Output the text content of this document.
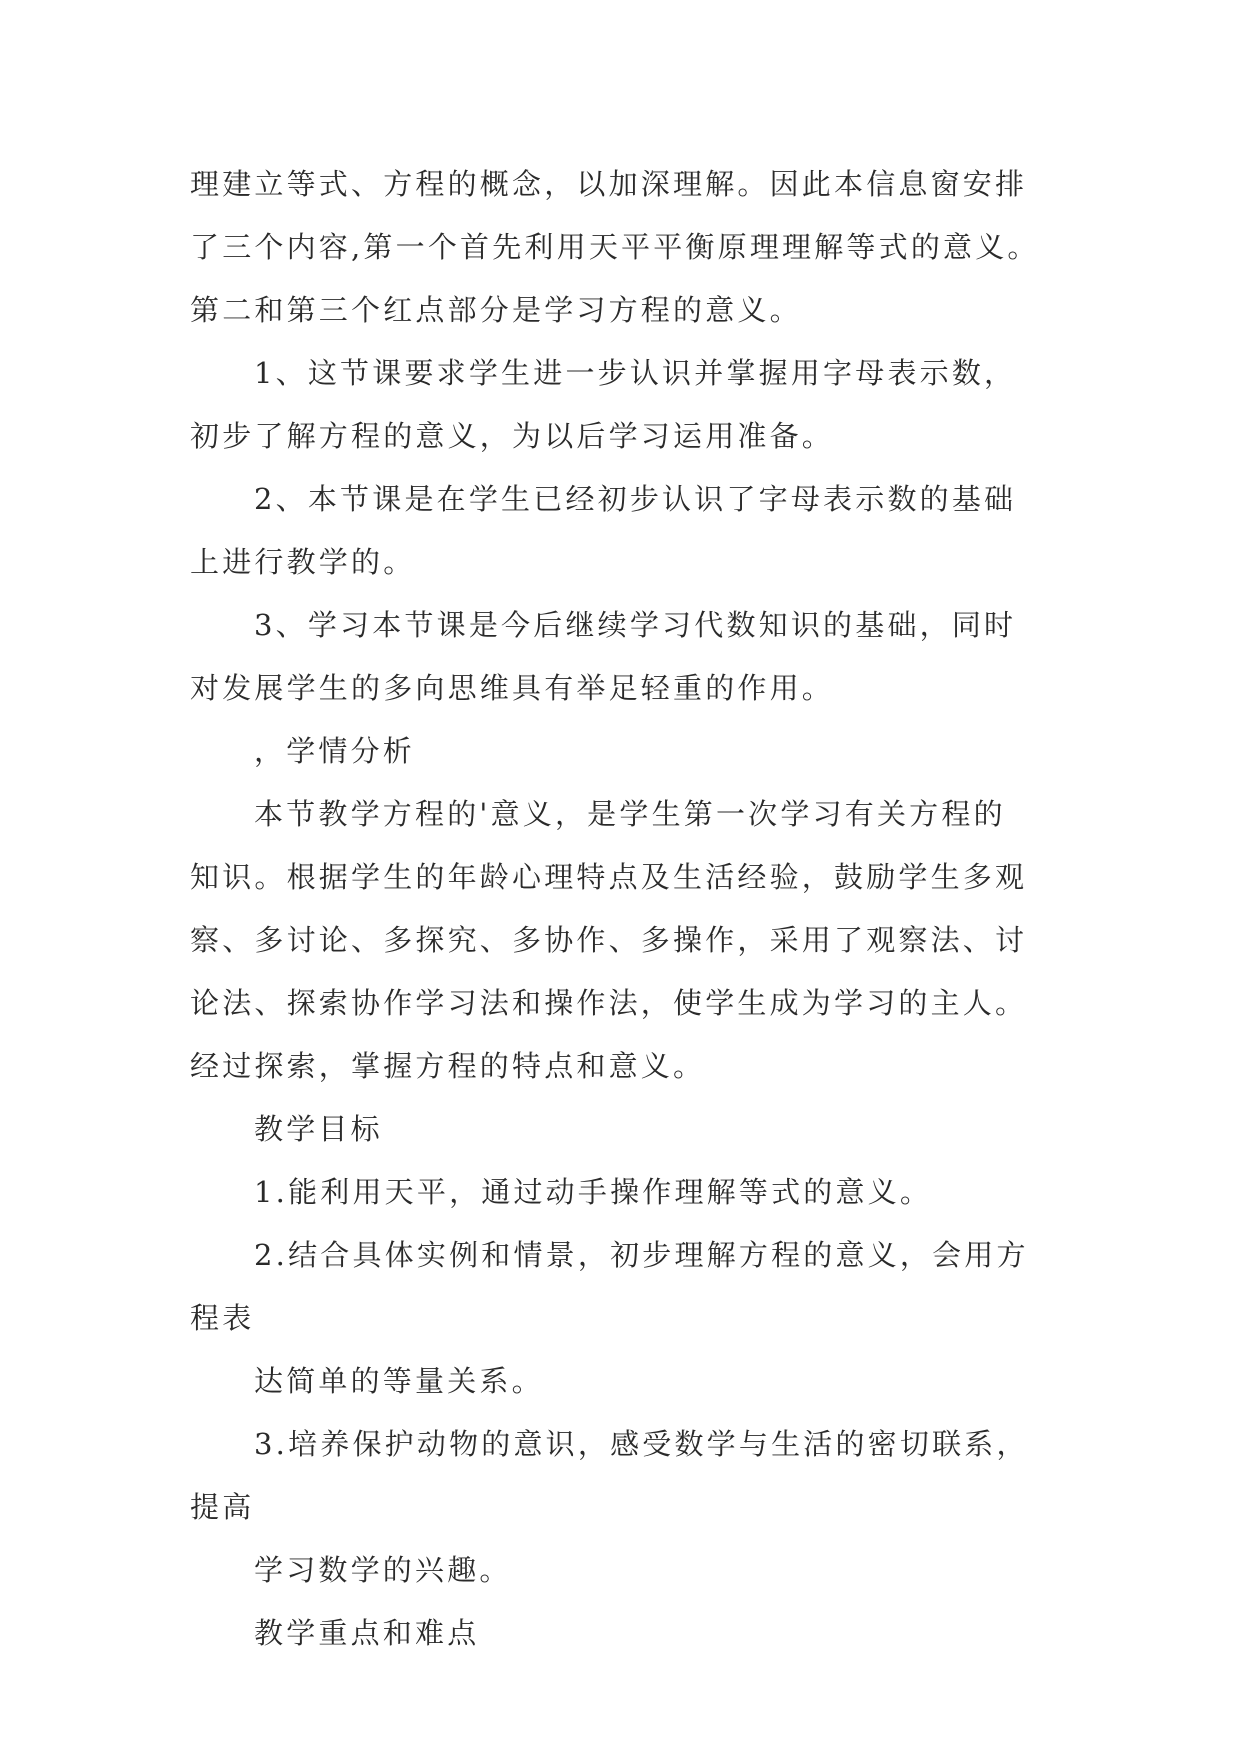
理建立等式、方程的概念，以加深理解。因此本信息窗安排

了三个内容,第一个首先利用天平平衡原理理解等式的意义。

第二和第三个红点部分是学习方程的意义。

1、这节课要求学生进一步认识并掌握用字母表示数，

初步了解方程的意义，为以后学习运用准备。

2、本节课是在学生已经初步认识了字母表示数的基础

上进行教学的。

3、学习本节课是今后继续学习代数知识的基础，同时

对发展学生的多向思维具有举足轻重的作用。

，学情分析

本节教学方程的'意义，是学生第一次学习有关方程的

知识。根据学生的年龄心理特点及生活经验，鼓励学生多观

察、多讨论、多探究、多协作、多操作，采用了观察法、讨

论法、探索协作学习法和操作法，使学生成为学习的主人。

经过探索，掌握方程的特点和意义。

教学目标

1.能利用天平，通过动手操作理解等式的意义。

2.结合具体实例和情景，初步理解方程的意义，会用方

程表

达简单的等量关系。

3.培养保护动物的意识，感受数学与生活的密切联系，

提高

学习数学的兴趣。

教学重点和难点
